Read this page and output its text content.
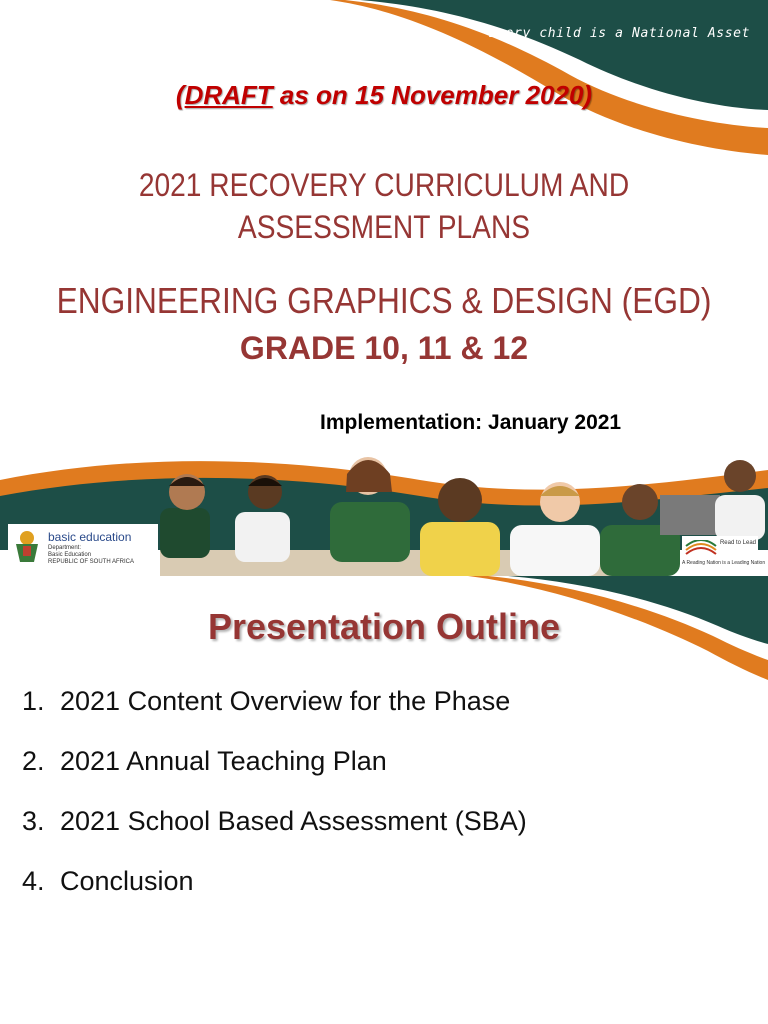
Every child is a National Asset
(DRAFT as on 15 November 2020)
2021 RECOVERY CURRICULUM AND
ASSESSMENT PLANS
ENGINEERING GRAPHICS & DESIGN (EGD)
GRADE 10, 11 & 12
Implementation: January 2021
basic education
Department:
Basic Education
REPUBLIC OF SOUTH AFRICA
Read to Lead
A Reading Nation is a Leading Nation
Presentation Outline
1. 2021 Content Overview for the Phase
2. 2021 Annual Teaching Plan
3. 2021 School Based Assessment (SBA)
4. Conclusion
